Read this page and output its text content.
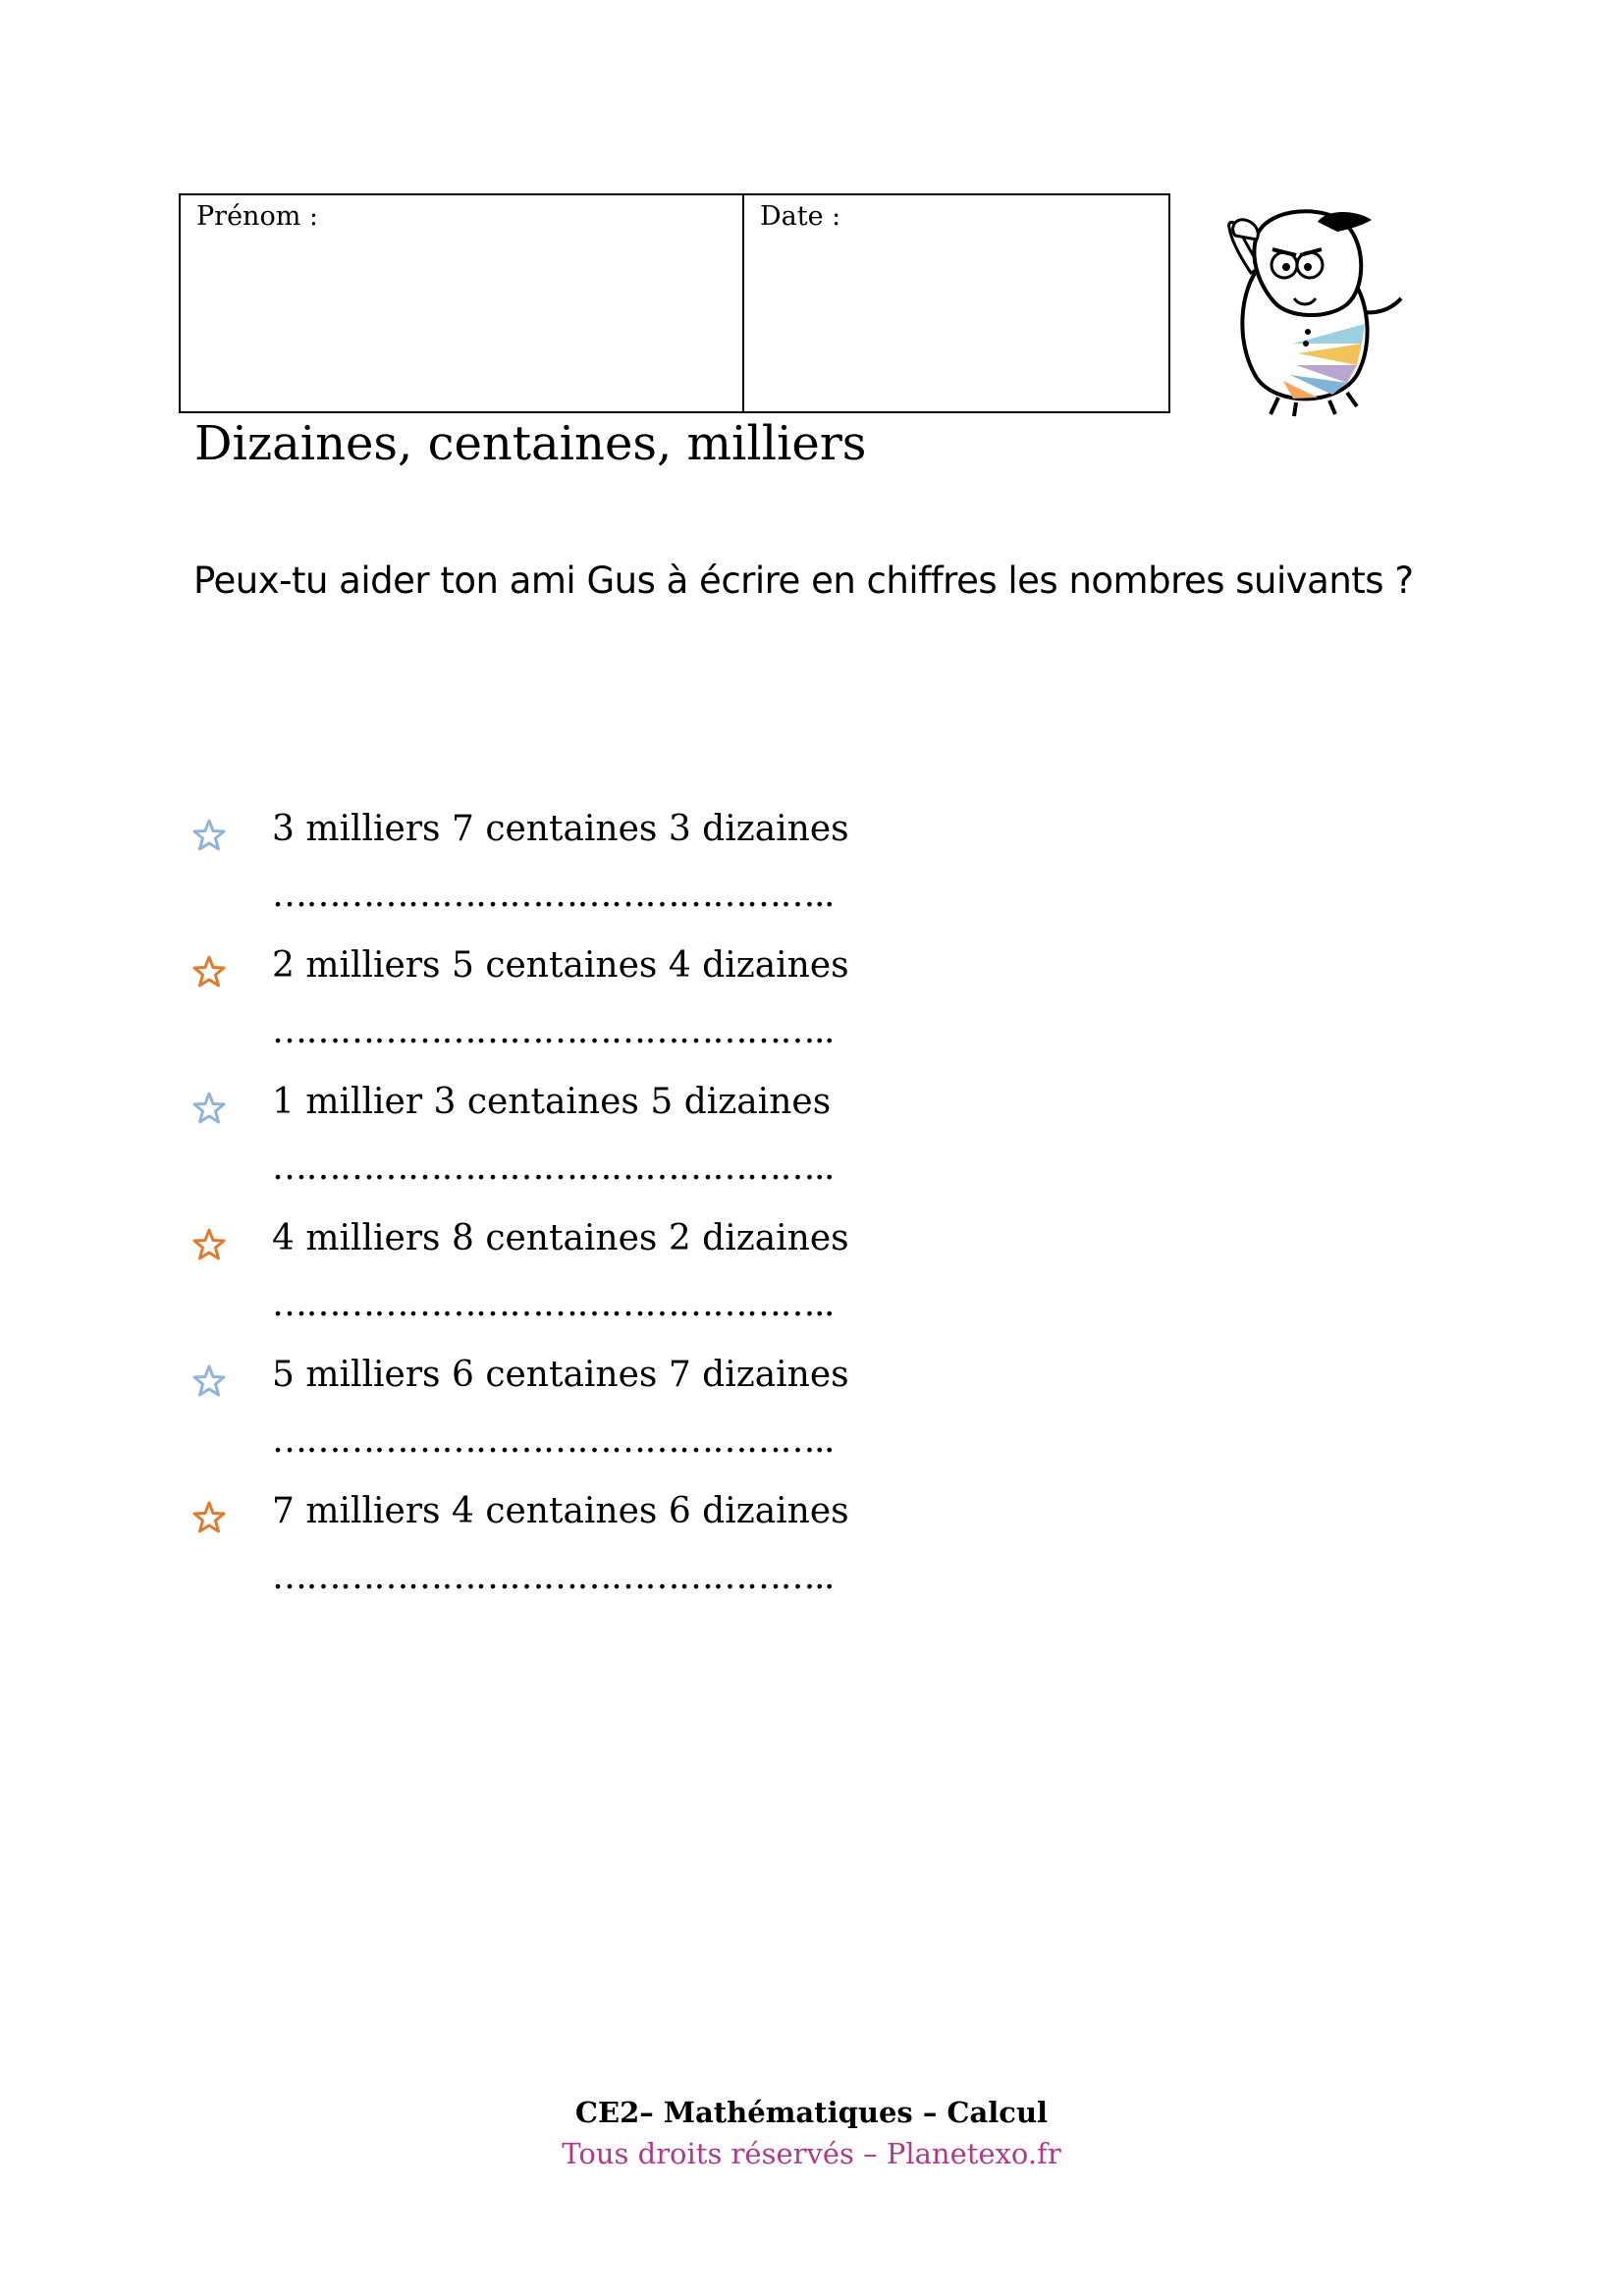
Prénom :	Date :
Dizaines, centaines, milliers
Peux-tu aider ton ami Gus à écrire en chiffres les nombres suivants ?
3 milliers 7 centaines 3 dizaines
…………………………………………..
2 milliers 5 centaines 4 dizaines
…………………………………………..
1 millier 3 centaines 5 dizaines
…………………………………………..
4 milliers 8 centaines 2 dizaines
…………………………………………..
5 milliers 6 centaines 7 dizaines
…………………………………………..
7 milliers 4 centaines 6 dizaines
…………………………………………..
CE2– Mathématiques – Calcul
Tous droits réservés – Planetexo.fr
